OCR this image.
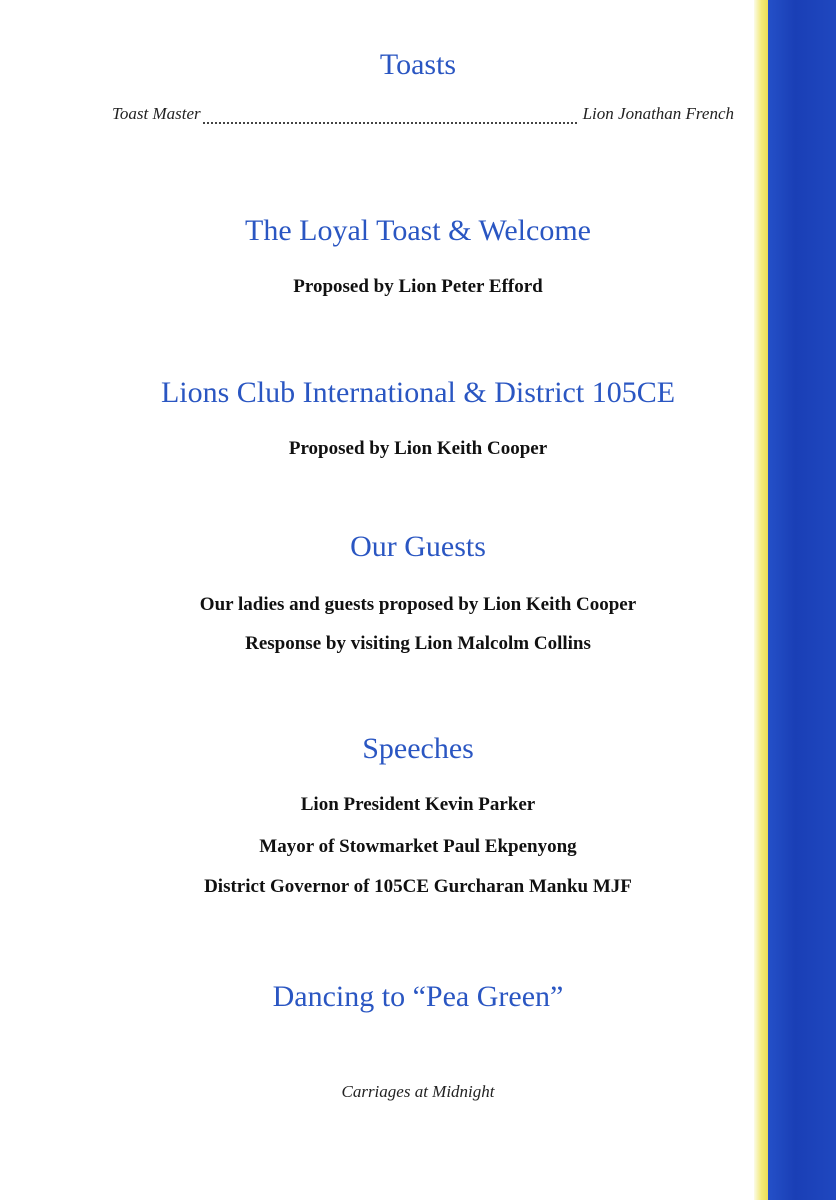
Toasts
Toast Master	Lion Jonathan French
The Loyal Toast & Welcome

Proposed by Lion Peter Efford

Lions Club International & District 105CE

Proposed by Lion Keith Cooper

Our Guests

Our ladies and guests proposed by Lion Keith Cooper

Response by visiting Lion Malcolm Collins

Speeches

Lion President Kevin Parker

Mayor of Stowmarket Paul Ekpenyong

District Governor of 105CE Gurcharan Manku MJF

Dancing to “Pea Green”

Carriages at Midnight
